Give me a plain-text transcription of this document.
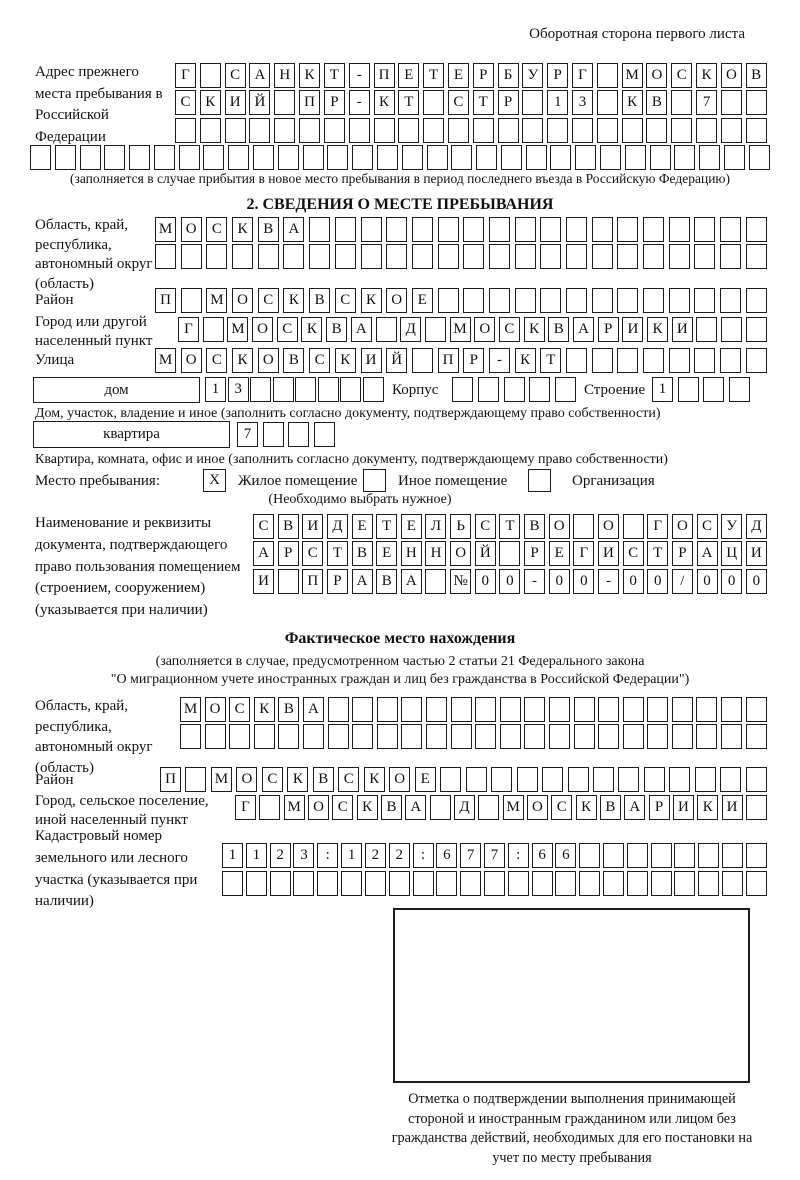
Оборотная сторона первого листа
Адрес прежнего места пребывания в Российской Федерации
Г	С А Н К	Т	-	П Е	Т	Е	Р	Б	У	Р	Г	М О С К О В
С К И Й	П	Р	-	К	Т	С	Т	Р	1	3	К В	7
(заполняется в случае прибытия в новое место пребывания в период последнего въезда в Российскую Федерацию)
2. СВЕДЕНИЯ О МЕСТЕ ПРЕБЫВАНИЯ
Область, край, республика, автономный округ (область)
М О	С	К	В	А
Район	П	М О	С	К	В	С	К	О	Е
Город или другой населенный пункт
Г	М О С К В А	Д	М О С К В А	Р	И К И
Улица	М О	С	К	О	В	С	К	И Й	П	Р	-	К	Т
дом	1	3	Корпус	Строение 1
Дом, участок, владение и иное (заполнить согласно документу, подтверждающему право собственности)
квартира	7
Квартира, комната, офис и иное (заполнить согласно документу, подтверждающему право собственности)
Место пребывания:	X	Жилое помещение	Иное помещение	Организация
(Необходимо выбрать нужное)
Наименование и реквизиты документа, подтверждающего право пользования помещением (строением, сооружением) (указывается при наличии)
С В И Д Е	Т	Е Л	Ь	С	Т	В О	О	Г О С У Д
А	Р	С	Т	В	Е Н Н О Й	Р	Е	Г И С	Т	Р	А Ц И
И	П	Р	А В А	№ 0	0	-	0	0	-	0	0	/	0	0	0
Фактическое место нахождения
(заполняется в случае, предусмотренном частью 2 статьи 21 Федерального закона
"О миграционном учете иностранных граждан и лиц без гражданства в Российской Федерации")
Область, край, республика, автономный округ (область)
М О С К В А
Район	П	М О	С	К	В	С	К	О	Е
Город, сельское поселение, иной населенный пункт
Г	М О С К В А	Д	М О С К В А Р И К И
Кадастровый номер земельного или лесного участка (указывается при наличии)
1	1	2	3	:	1	2	2	:	6	7	7	:	6	6
Отметка о подтверждении выполнения принимающей стороной и иностранным гражданином или лицом без гражданства действий, необходимых для его постановки на учет по месту пребывания
